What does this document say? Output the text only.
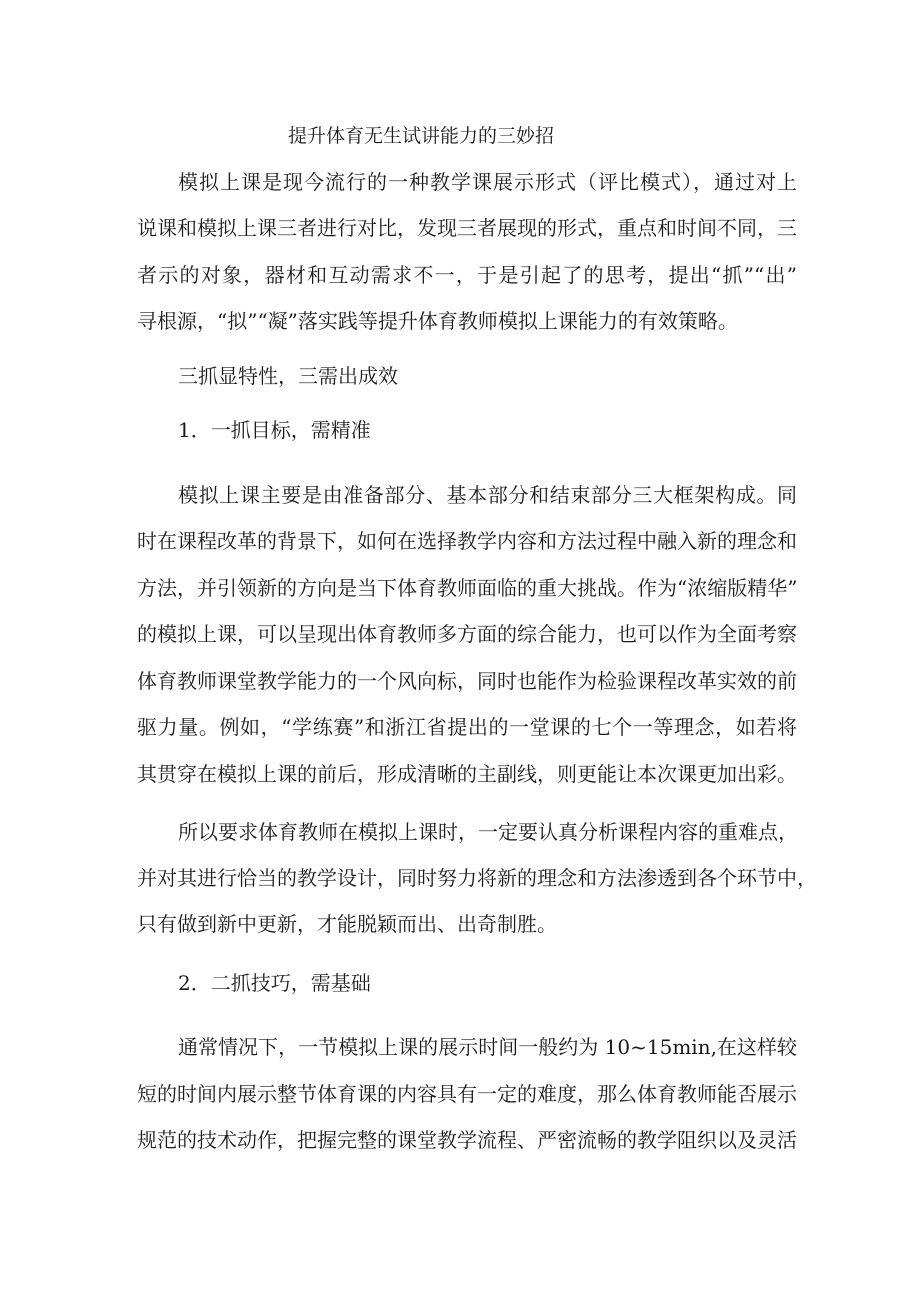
提升体育无生试讲能力的三妙招
模拟上课是现今流行的一种教学课展示形式（评比模式），通过对上
说课和模拟上课三者进行对比，发现三者展现的形式，重点和时间不同，三
者示的对象，器材和互动需求不一，于是引起了的思考，提出“抓”“出”
寻根源，“拟”“凝”落实践等提升体育教师模拟上课能力的有效策略。
三抓显特性，三需出成效
1．一抓目标，需精准
模拟上课主要是由准备部分、基本部分和结束部分三大框架构成。同
时在课程改革的背景下，如何在选择教学内容和方法过程中融入新的理念和
方法，并引领新的方向是当下体育教师面临的重大挑战。作为“浓缩版精华”
的模拟上课，可以呈现出体育教师多方面的综合能力，也可以作为全面考察
体育教师课堂教学能力的一个风向标，同时也能作为检验课程改革实效的前
驱力量。例如，“学练赛”和浙江省提出的一堂课的七个一等理念，如若将
其贯穿在模拟上课的前后，形成清晰的主副线，则更能让本次课更加出彩。
所以要求体育教师在模拟上课时，一定要认真分析课程内容的重难点，
并对其进行恰当的教学设计，同时努力将新的理念和方法渗透到各个环节中，
只有做到新中更新，才能脱颖而出、出奇制胜。
2．二抓技巧，需基础
通常情况下，一节模拟上课的展示时间一般约为 10~15min,在这样较
短的时间内展示整节体育课的内容具有一定的难度，那么体育教师能否展示
规范的技术动作，把握完整的课堂教学流程、严密流畅的教学阻织以及灵活
